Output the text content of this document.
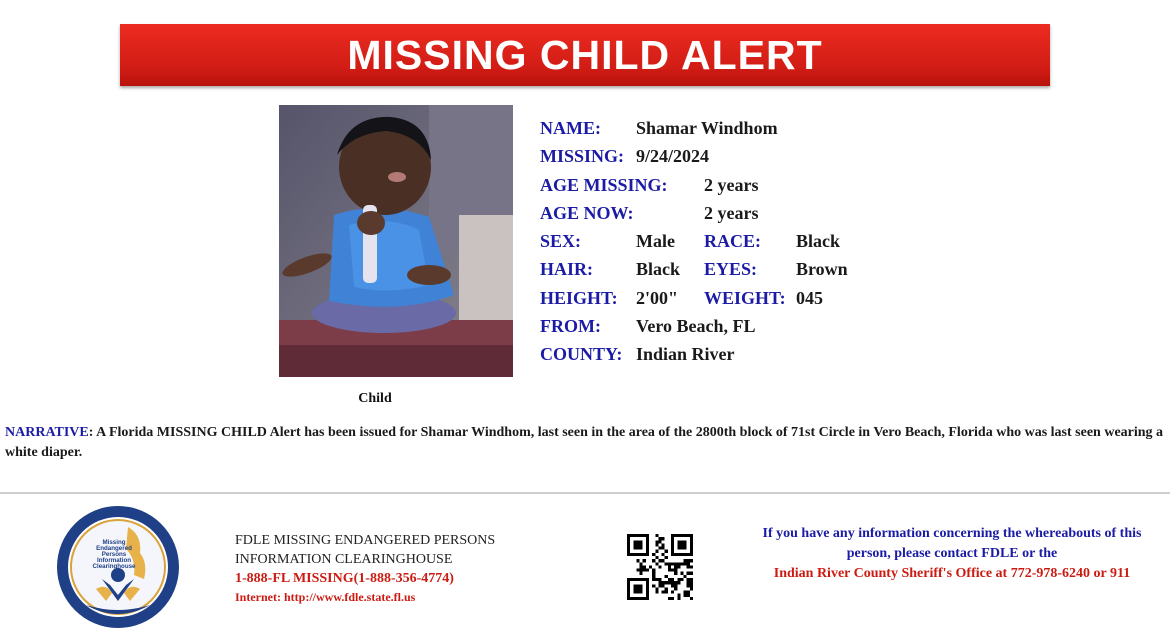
MISSING CHILD ALERT
Child
NAME: Shamar Windhom
MISSING: 9/24/2024
AGE MISSING: 2 years
AGE NOW:	2 years
SEX:	Male RACE: Black
HAIR: Black EYES: Brown
HEIGHT: 2'00" WEIGHT: 045
FROM: Vero Beach, FL
COUNTY: Indian River
NARRATIVE: A Florida MISSING CHILD Alert has been issued for Shamar Windhom, last seen in the area of the 2800th block of 71st Circle in Vero Beach, Florida who was last seen wearing a white diaper.
Missing
Endangered
Persons
Information
Clearinghouse
FDLE MISSING ENDANGERED PERSONS
INFORMATION CLEARINGHOUSE
1-888-FL MISSING(1-888-356-4774)
Internet: http://www.fdle.state.fl.us
If you have any information concerning the whereabouts of this
person, please contact FDLE or the
Indian River County Sheriff's Office at 772-978-6240 or 911
